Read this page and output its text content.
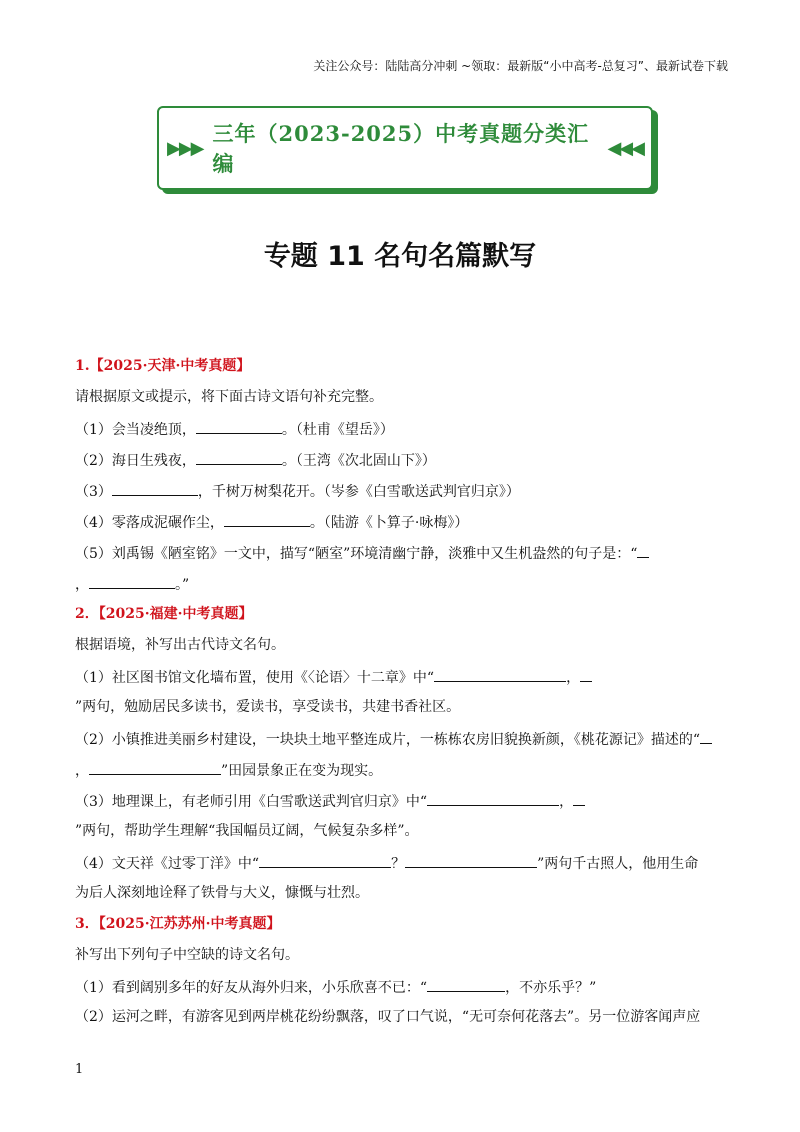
关注公众号：陆陆高分冲刺 ~领取：最新版“小中高考-总复习”、最新试卷下载
▶▶▶
三年（2023-2025）中考真题分类汇编
◀◀◀
专题 11 名句名篇默写
1.【2025·天津·中考真题】
请根据原文或提示，将下面古诗文语句补充完整。
（1）会当凌绝顶，	。（杜甫《望岳》）
（2）海日生残夜，	。（王湾《次北固山下》）
（3）	，千树万树梨花开。（岑参《白雪歌送武判官归京》）
（4）零落成泥碾作尘，	。（陆游《卜算子·咏梅》）
（5）刘禹锡《陋室铭》一文中，描写“陋室”环境清幽宁静，淡雅中又生机盎然的句子是：“
，	。”
2．【2025·福建·中考真题】
根据语境，补写出古代诗文名句。
（1）社区图书馆文化墙布置，使用《〈论语〉十二章》中“	，
”两句，勉励居民多读书，爱读书，享受读书，共建书香社区。
（2）小镇推进美丽乡村建设，一块块土地平整连成片，一栋栋农房旧貌换新颜，《桃花源记》描述的“
，	”田园景象正在变为现实。
（3）地理课上，有老师引用《白雪歌送武判官归京》中“	，
”两句，帮助学生理解“我国幅员辽阔，气候复杂多样”。
（4）文天祥《过零丁洋》中“	？	”两句千古照人，他用生命
为后人深刻地诠释了铁骨与大义，慷慨与壮烈。
3．【2025·江苏苏州·中考真题】
补写出下列句子中空缺的诗文名句。
（1）看到阔别多年的好友从海外归来，小乐欣喜不已：“	，不亦乐乎？”
（2）运河之畔，有游客见到两岸桃花纷纷飘落，叹了口气说，“无可奈何花落去”。另一位游客闻声应
1
